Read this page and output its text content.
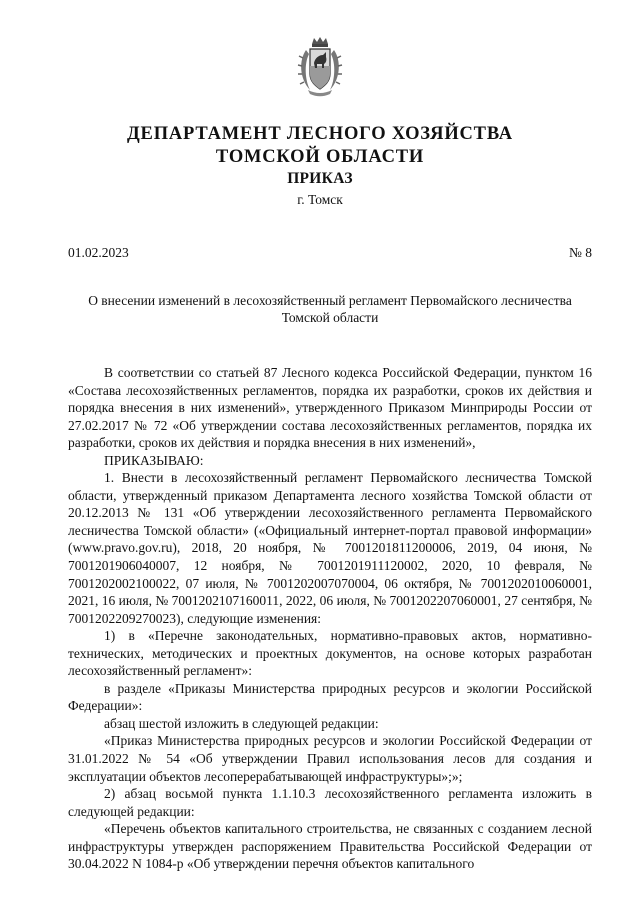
ДЕПАРТАМЕНТ ЛЕСНОГО ХОЗЯЙСТВА
ТОМСКОЙ ОБЛАСТИ
ПРИКАЗ
г. Томск
01.02.2023	№ 8
О внесении изменений в лесохозяйственный регламент Первомайского лесничества
Томской области

В соответствии со статьей 87 Лесного кодекса Российской Федерации, пунктом 16 «Состава лесохозяйственных регламентов, порядка их разработки, сроков их действия и порядка внесения в них изменений», утвержденного Приказом Минприроды России от 27.02.2017 № 72 «Об утверждении состава лесохозяйственных регламентов, порядка их разработки, сроков их действия и порядка внесения в них изменений»,

ПРИКАЗЫВАЮ:

1. Внести в лесохозяйственный регламент Первомайского лесничества Томской области, утвержденный приказом Департамента лесного хозяйства Томской области от 20.12.2013 № 131 «Об утверждении лесохозяйственного регламента Первомайского лесничества Томской области» («Официальный интернет-портал правовой информации» (www.pravo.gov.ru), 2018, 20 ноября, № 7001201811200006, 2019, 04 июня, № 7001201906040007, 12 ноября, № 7001201911120002, 2020, 10 февраля, № 7001202002100022, 07 июля, № 7001202007070004, 06 октября, № 7001202010060001, 2021, 16 июля, № 7001202107160011, 2022, 06 июля, № 7001202207060001, 27 сентября, № 7001202209270023), следующие изменения:

1) в «Перечне законодательных, нормативно-правовых актов, нормативно-технических, методических и проектных документов, на основе которых разработан лесохозяйственный регламент»:

в разделе «Приказы Министерства природных ресурсов и экологии Российской Федерации»:

абзац шестой изложить в следующей редакции:

«Приказ Министерства природных ресурсов и экологии Российской Федерации от 31.01.2022 № 54 «Об утверждении Правил использования лесов для создания и эксплуатации объектов лесоперерабатывающей инфраструктуры»;»;

2) абзац восьмой пункта 1.1.10.3 лесохозяйственного регламента изложить в следующей редакции:

«Перечень объектов капитального строительства, не связанных с созданием лесной инфраструктуры утвержден распоряжением Правительства Российской Федерации от 30.04.2022 N 1084-р «Об утверждении перечня объектов капитального
